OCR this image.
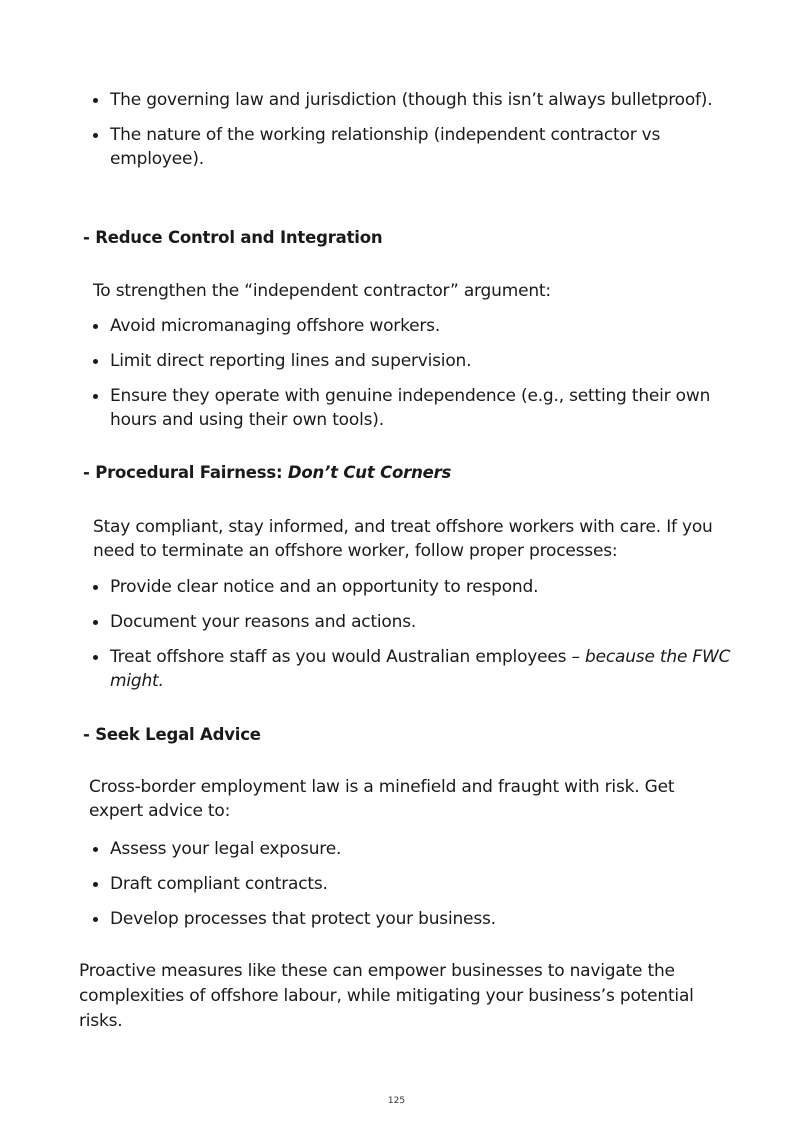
The governing law and jurisdiction (though this isn’t always bulletproof).
The nature of the working relationship (independent contractor vs employee).
- Reduce Control and Integration

To strengthen the “independent contractor” argument:

Avoid micromanaging offshore workers.
Limit direct reporting lines and supervision.
Ensure they operate with genuine independence (e.g., setting their own hours and using their own tools).
- Procedural Fairness: Don’t Cut Corners

Stay compliant, stay informed, and treat offshore workers with care. If you need to terminate an offshore worker, follow proper processes:

Provide clear notice and an opportunity to respond.
Document your reasons and actions.
Treat offshore staff as you would Australian employees – because the FWC might.
- Seek Legal Advice

Cross-border employment law is a minefield and fraught with risk. Get expert advice to:

Assess your legal exposure.
Draft compliant contracts.
Develop processes that protect your business.

Proactive measures like these can empower businesses to navigate the complexities of offshore labour, while mitigating your business’s potential risks.

125
